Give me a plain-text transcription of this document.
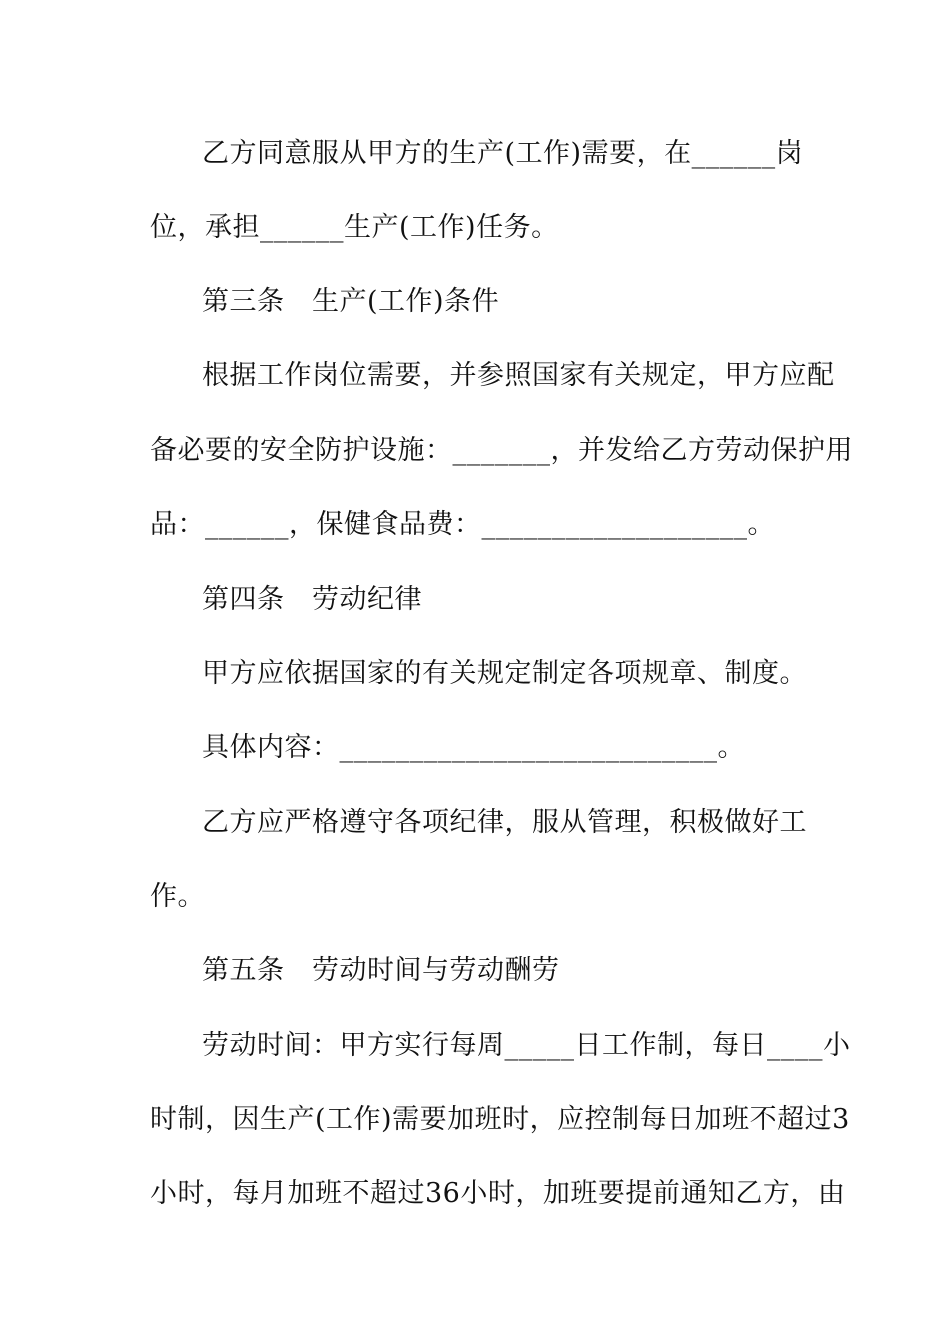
乙方同意服从甲方的生产(工作)需要，在______岗
位，承担______生产(工作)任务。
第三条　生产(工作)条件
根据工作岗位需要，并参照国家有关规定，甲方应配
备必要的安全防护设施：_______，并发给乙方劳动保护用
品：______，保健食品费：___________________。
第四条　劳动纪律
甲方应依据国家的有关规定制定各项规章、制度。
具体内容：___________________________。
乙方应严格遵守各项纪律，服从管理，积极做好工
作。
第五条　劳动时间与劳动酬劳
劳动时间：甲方实行每周_____日工作制，每日____小
时制，因生产(工作)需要加班时，应控制每日加班不超过3
小时，每月加班不超过36小时，加班要提前通知乙方，由
